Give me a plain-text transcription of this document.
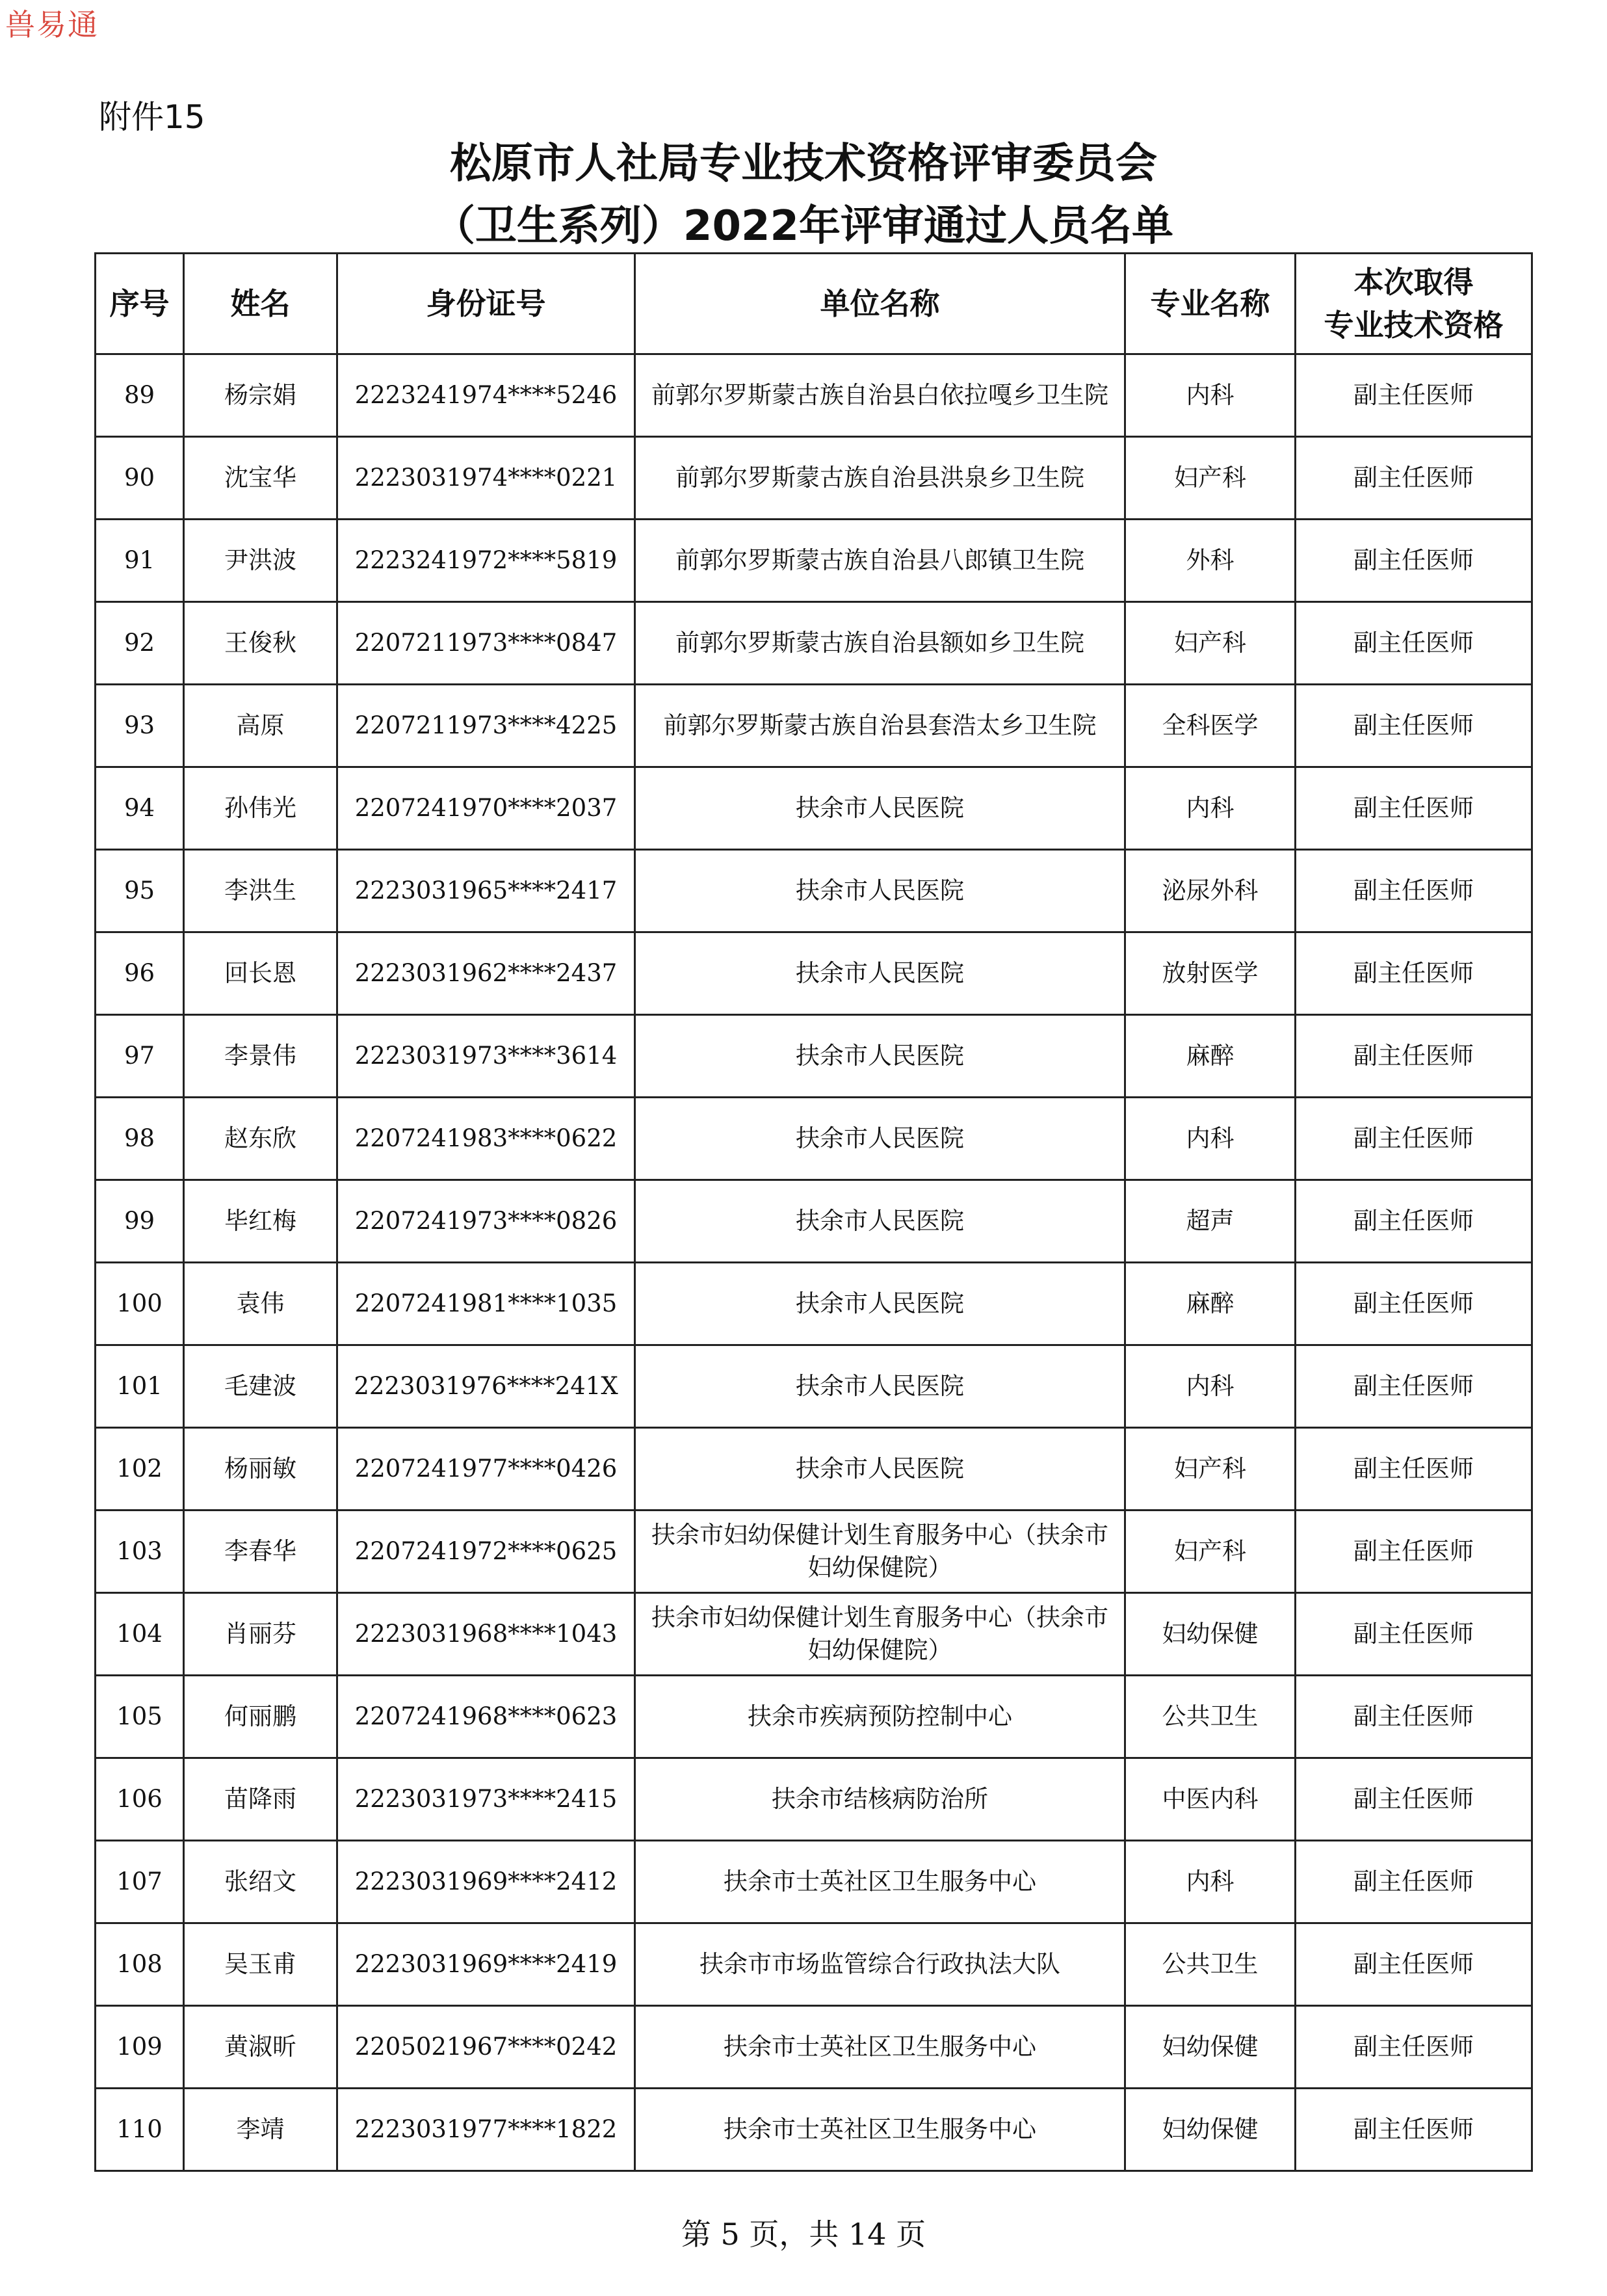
兽易通
附件15
松原市人社局专业技术资格评审委员会
（卫生系列）2022年评审通过人员名单
序号	姓名	身份证号	单位名称	专业名称	本次取得
专业技术资格

89	杨宗娟	2223241974****5246	前郭尔罗斯蒙古族自治县白依拉嘎乡卫生院	内科	副主任医师
90	沈宝华	2223031974****0221	前郭尔罗斯蒙古族自治县洪泉乡卫生院	妇产科	副主任医师
91	尹洪波	2223241972****5819	前郭尔罗斯蒙古族自治县八郎镇卫生院	外科	副主任医师
92	王俊秋	2207211973****0847	前郭尔罗斯蒙古族自治县额如乡卫生院	妇产科	副主任医师
93	高原	2207211973****4225	前郭尔罗斯蒙古族自治县套浩太乡卫生院	全科医学	副主任医师
94	孙伟光	2207241970****2037	扶余市人民医院	内科	副主任医师
95	李洪生	2223031965****2417	扶余市人民医院	泌尿外科	副主任医师
96	回长恩	2223031962****2437	扶余市人民医院	放射医学	副主任医师
97	李景伟	2223031973****3614	扶余市人民医院	麻醉	副主任医师
98	赵东欣	2207241983****0622	扶余市人民医院	内科	副主任医师
99	毕红梅	2207241973****0826	扶余市人民医院	超声	副主任医师
100	袁伟	2207241981****1035	扶余市人民医院	麻醉	副主任医师
101	毛建波	2223031976****241X	扶余市人民医院	内科	副主任医师
102	杨丽敏	2207241977****0426	扶余市人民医院	妇产科	副主任医师
103	李春华	2207241972****0625	扶余市妇幼保健计划生育服务中心（扶余市妇幼保健院）	妇产科	副主任医师
104	肖丽芬	2223031968****1043	扶余市妇幼保健计划生育服务中心（扶余市妇幼保健院）	妇幼保健	副主任医师
105	何丽鹏	2207241968****0623	扶余市疾病预防控制中心	公共卫生	副主任医师
106	苗降雨	2223031973****2415	扶余市结核病防治所	中医内科	副主任医师
107	张绍文	2223031969****2412	扶余市士英社区卫生服务中心	内科	副主任医师
108	吴玉甫	2223031969****2419	扶余市市场监管综合行政执法大队	公共卫生	副主任医师
109	黄淑昕	2205021967****0242	扶余市士英社区卫生服务中心	妇幼保健	副主任医师
110	李靖	2223031977****1822	扶余市士英社区卫生服务中心	妇幼保健	副主任医师
第 5 页，共 14 页
